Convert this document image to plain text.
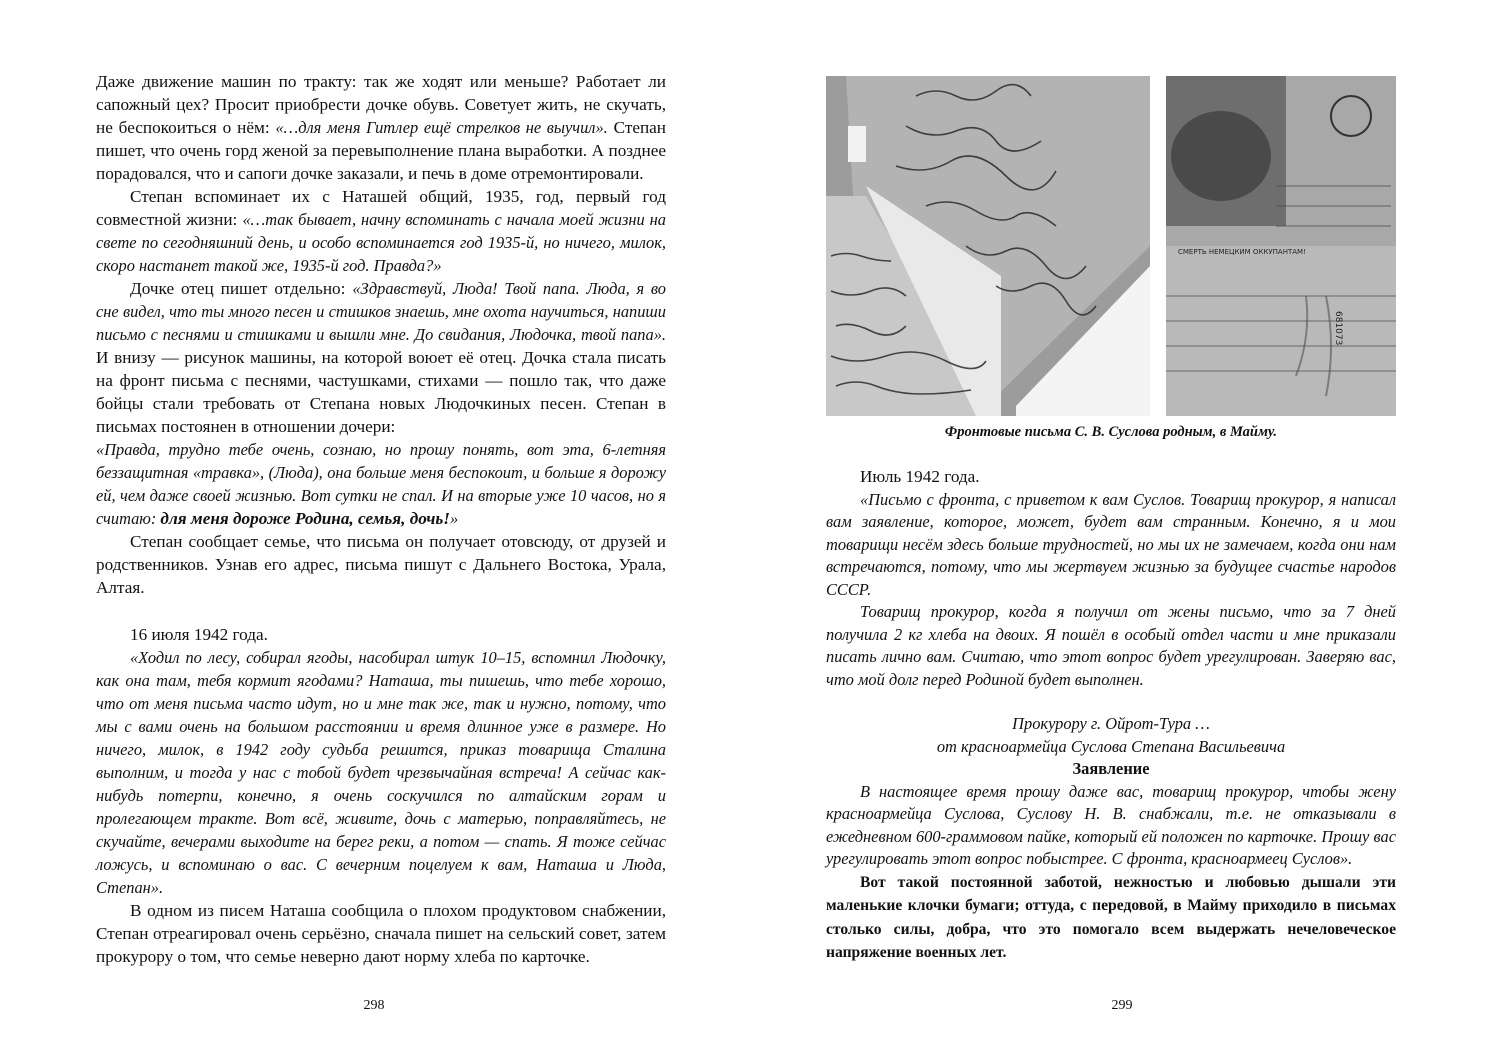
Даже движение машин по тракту: так же ходят или меньше? Работает ли сапожный цех? Просит приобрести дочке обувь. Советует жить, не скучать, не беспокоиться о нём: «…для меня Гитлер ещё стрелков не выучил». Степан пишет, что очень горд женой за перевыполнение плана выработки. А позднее порадовался, что и сапоги дочке заказали, и печь в доме отремонтировали.

Степан вспоминает их с Наташей общий, 1935, год, первый год совместной жизни: «…так бывает, начну вспоминать с начала моей жизни на свете по сегодняшний день, и особо вспоминается год 1935-й, но ничего, милок, скоро настанет такой же, 1935-й год. Правда?»

Дочке отец пишет отдельно: «Здравствуй, Люда! Твой папа. Люда, я во сне видел, что ты много песен и стишков знаешь, мне охота научиться, напиши письмо с песнями и стишками и вышли мне. До свидания, Людочка, твой папа». И внизу — рисунок машины, на которой воюет её отец. Дочка стала писать на фронт письма с песнями, частушками, стихами — пошло так, что даже бойцы стали требовать от Степана новых Людочкиных песен. Степан в письмах постоянен в отношении дочери:

«Правда, трудно тебе очень, сознаю, но прошу понять, вот эта, 6-летняя беззащитная «травка», (Люда), она больше меня беспокоит, и больше я дорожу ей, чем даже своей жизнью. Вот сутки не спал. И на вторые уже 10 часов, но я считаю: для меня дороже Родина, семья, дочь!»

Степан сообщает семье, что письма он получает отовсюду, от друзей и родственников. Узнав его адрес, письма пишут с Дальнего Востока, Урала, Алтая.

16 июля 1942 года.

«Ходил по лесу, собирал ягоды, насобирал штук 10–15, вспомнил Людочку, как она там, тебя кормит ягодами? Наташа, ты пишешь, что тебе хорошо, что от меня письма часто идут, но и мне так же, так и нужно, потому, что мы с вами очень на большом расстоянии и время длинное уже в размере. Но ничего, милок, в 1942 году судьба решится, приказ товарища Сталина выполним, и тогда у нас с тобой будет чрезвычайная встреча! А сейчас как-нибудь потерпи, конечно, я очень соскучился по алтайским горам и пролегающем тракте. Вот всё, живите, дочь с матерью, поправляйтесь, не скучайте, вечерами выходите на берег реки, а потом — спать. Я тоже сейчас ложусь, и вспоминаю о вас. С вечерним поцелуем к вам, Наташа и Люда, Степан».

В одном из писем Наташа сообщила о плохом продуктовом снабжении, Степан отреагировал очень серьёзно, сначала пишет на сельский совет, затем прокурору о том, что семье неверно дают норму хлеба по карточке.

298
СМЕРТЬ НЕМЕЦКИМ ОККУПАНТАМ!
681073
Фронтовые письма С. В. Суслова родным, в Майму.

Июль 1942 года.

«Письмо с фронта, с приветом к вам Суслов. Товарищ прокурор, я написал вам заявление, которое, может, будет вам странным. Конечно, я и мои товарищи несём здесь больше трудностей, но мы их не замечаем, когда они нам встречаются, потому, что мы жертвуем жизнью за будущее счастье народов СССР.

Товарищ прокурор, когда я получил от жены письмо, что за 7 дней получила 2 кг хлеба на двоих. Я пошёл в особый отдел части и мне приказали писать лично вам. Считаю, что этот вопрос будет урегулирован. Заверяю вас, что мой долг перед Родиной будет выполнен.

Прокурору г. Ойрот-Тура …

от красноармейца Суслова Степана Васильевича

Заявление

В настоящее время прошу даже вас, товарищ прокурор, чтобы жену красноармейца Суслова, Суслову Н. В. снабжали, т.е. не отказывали в ежедневном 600-граммовом пайке, который ей положен по карточке. Прошу вас урегулировать этот вопрос побыстрее. С фронта, красноармеец Суслов».

Вот такой постоянной заботой, нежностью и любовью дышали эти маленькие клочки бумаги; оттуда, с передовой, в Майму приходило в письмах столько силы, добра, что это помогало всем выдержать нечеловеческое напряжение военных лет.

299
